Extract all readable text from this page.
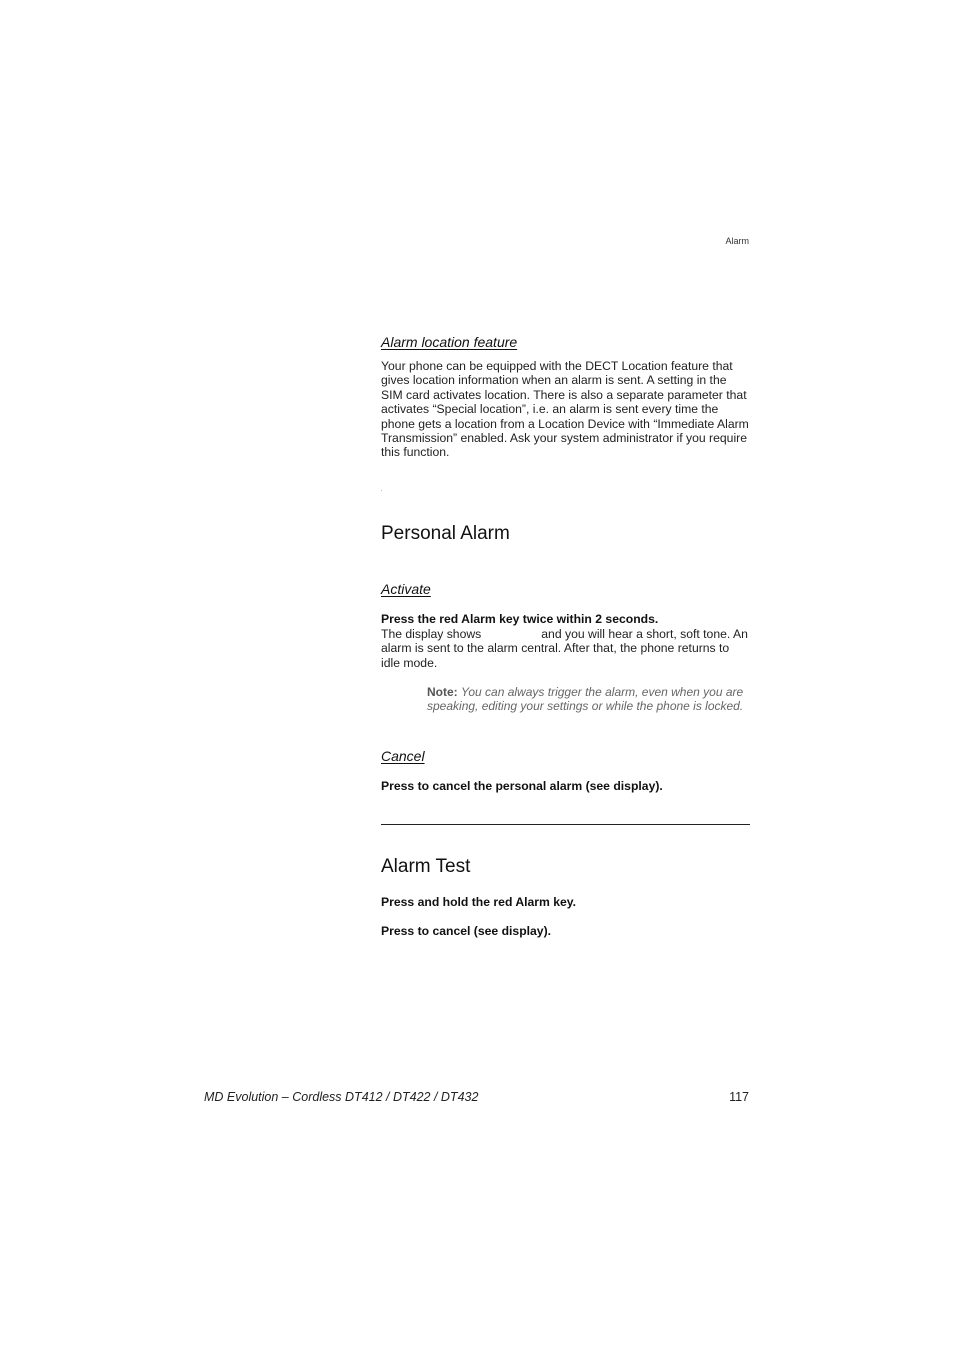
Alarm
Alarm location feature
Your phone can be equipped with the DECT Location feature that gives location information when an alarm is sent. A setting in the SIM card activates location. There is also a separate parameter that activates “Special location”, i.e. an alarm is sent every time the phone gets a location from a Location Device with “Immediate Alarm Transmission” enabled. Ask your system administrator if you require this function.
Personal Alarm
Activate
Press the red Alarm key twice within 2 seconds.
The display shows	and you will hear a short, soft tone. An alarm is sent to the alarm central. After that, the phone returns to idle mode.
Note: You can always trigger the alarm, even when you are speaking, editing your settings or while the phone is locked.
Cancel
Press to cancel the personal alarm (see display).
Alarm Test
Press and hold the red Alarm key.
Press to cancel (see display).
MD Evolution – Cordless DT412 / DT422 / DT432	117
